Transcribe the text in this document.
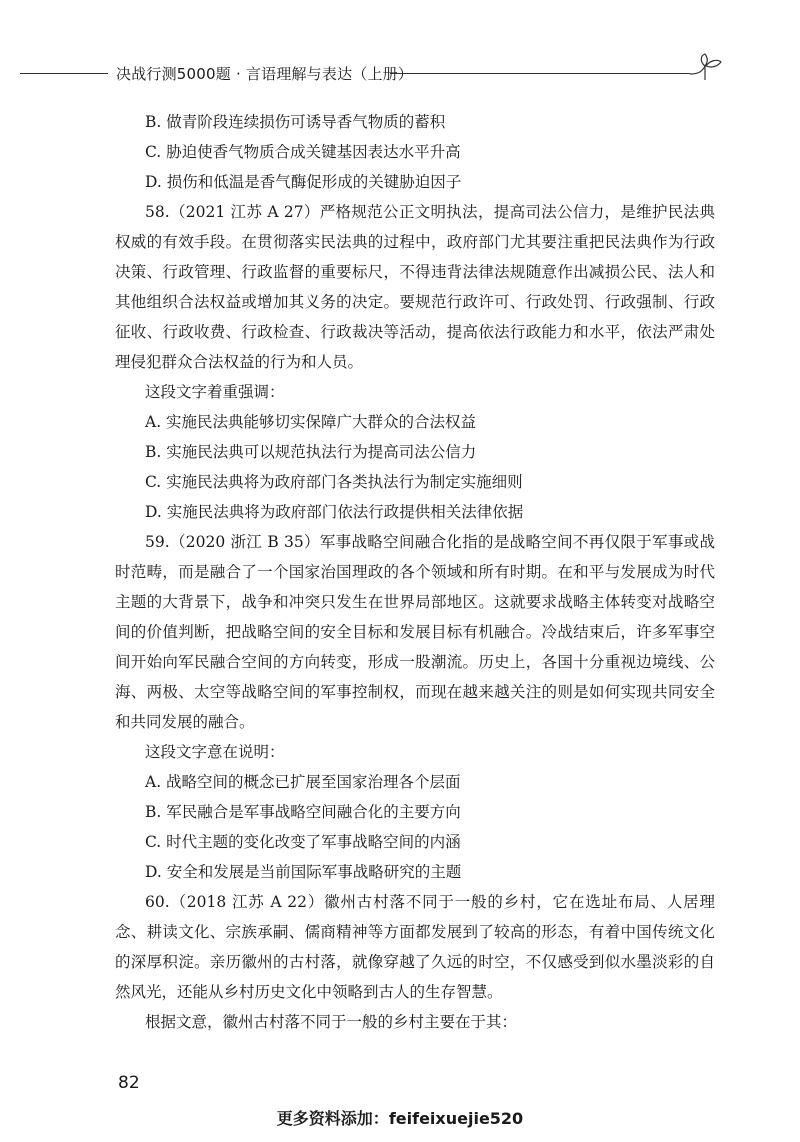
决战行测5000题 · 言语理解与表达（上册）

B. 做青阶段连续损伤可诱导香气物质的蓄积

C. 胁迫使香气物质合成关键基因表达水平升高

D. 损伤和低温是香气酶促形成的关键胁迫因子

58.（2021 江苏 A 27）严格规范公正文明执法，提高司法公信力，是维护民法典权威的有效手段。在贯彻落实民法典的过程中，政府部门尤其要注重把民法典作为行政决策、行政管理、行政监督的重要标尺，不得违背法律法规随意作出减损公民、法人和其他组织合法权益或增加其义务的决定。要规范行政许可、行政处罚、行政强制、行政征收、行政收费、行政检查、行政裁决等活动，提高依法行政能力和水平，依法严肃处理侵犯群众合法权益的行为和人员。

这段文字着重强调：

A. 实施民法典能够切实保障广大群众的合法权益

B. 实施民法典可以规范执法行为提高司法公信力

C. 实施民法典将为政府部门各类执法行为制定实施细则

D. 实施民法典将为政府部门依法行政提供相关法律依据

59.（2020 浙江 B 35）军事战略空间融合化指的是战略空间不再仅限于军事或战时范畴，而是融合了一个国家治国理政的各个领域和所有时期。在和平与发展成为时代主题的大背景下，战争和冲突只发生在世界局部地区。这就要求战略主体转变对战略空间的价值判断，把战略空间的安全目标和发展目标有机融合。冷战结束后，许多军事空间开始向军民融合空间的方向转变，形成一股潮流。历史上，各国十分重视边境线、公海、两极、太空等战略空间的军事控制权，而现在越来越关注的则是如何实现共同安全和共同发展的融合。

这段文字意在说明：

A. 战略空间的概念已扩展至国家治理各个层面

B. 军民融合是军事战略空间融合化的主要方向

C. 时代主题的变化改变了军事战略空间的内涵

D. 安全和发展是当前国际军事战略研究的主题

60.（2018 江苏 A 22）徽州古村落不同于一般的乡村，它在选址布局、人居理念、耕读文化、宗族承嗣、儒商精神等方面都发展到了较高的形态，有着中国传统文化的深厚积淀。亲历徽州的古村落，就像穿越了久远的时空，不仅感受到似水墨淡彩的自然风光，还能从乡村历史文化中领略到古人的生存智慧。

根据文意，徽州古村落不同于一般的乡村主要在于其：

82
更多资料添加：feifeixuejie520
